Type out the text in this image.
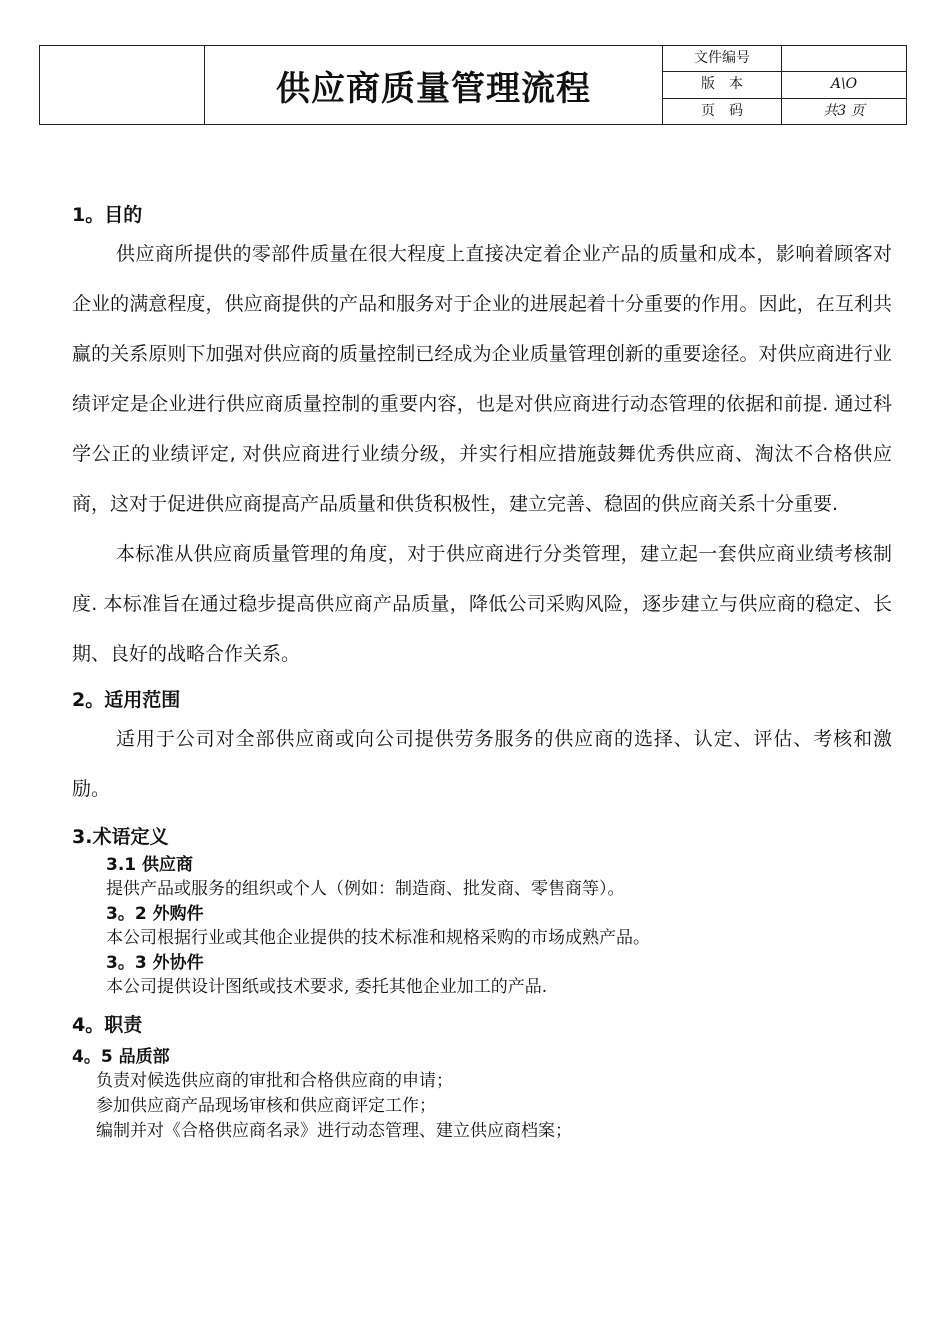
供应商质量管理流程
文件编号
版　本	A\O
页　码	共3 页
1。目的
供应商所提供的零部件质量在很大程度上直接决定着企业产品的质量和成本，影响着顾客对企业的满意程度，供应商提供的产品和服务对于企业的进展起着十分重要的作用。因此，在互利共赢的关系原则下加强对供应商的质量控制已经成为企业质量管理创新的重要途径。对供应商进行业绩评定是企业进行供应商质量控制的重要内容，也是对供应商进行动态管理的依据和前提. 通过科学公正的业绩评定, 对供应商进行业绩分级，并实行相应措施鼓舞优秀供应商、淘汰不合格供应商，这对于促进供应商提高产品质量和供货积极性，建立完善、稳固的供应商关系十分重要.
本标准从供应商质量管理的角度，对于供应商进行分类管理，建立起一套供应商业绩考核制度. 本标准旨在通过稳步提高供应商产品质量，降低公司采购风险，逐步建立与供应商的稳定、长期、良好的战略合作关系。
2。适用范围
适用于公司对全部供应商或向公司提供劳务服务的供应商的选择、认定、评估、考核和激励。
3.术语定义
3.1 供应商
提供产品或服务的组织或个人（例如：制造商、批发商、零售商等）。
3。2 外购件
本公司根据行业或其他企业提供的技术标准和规格采购的市场成熟产品。
3。3 外协件
本公司提供设计图纸或技术要求, 委托其他企业加工的产品.
4。职责
4。5 品质部
负责对候选供应商的审批和合格供应商的申请；
参加供应商产品现场审核和供应商评定工作；
编制并对《合格供应商名录》进行动态管理、建立供应商档案；
